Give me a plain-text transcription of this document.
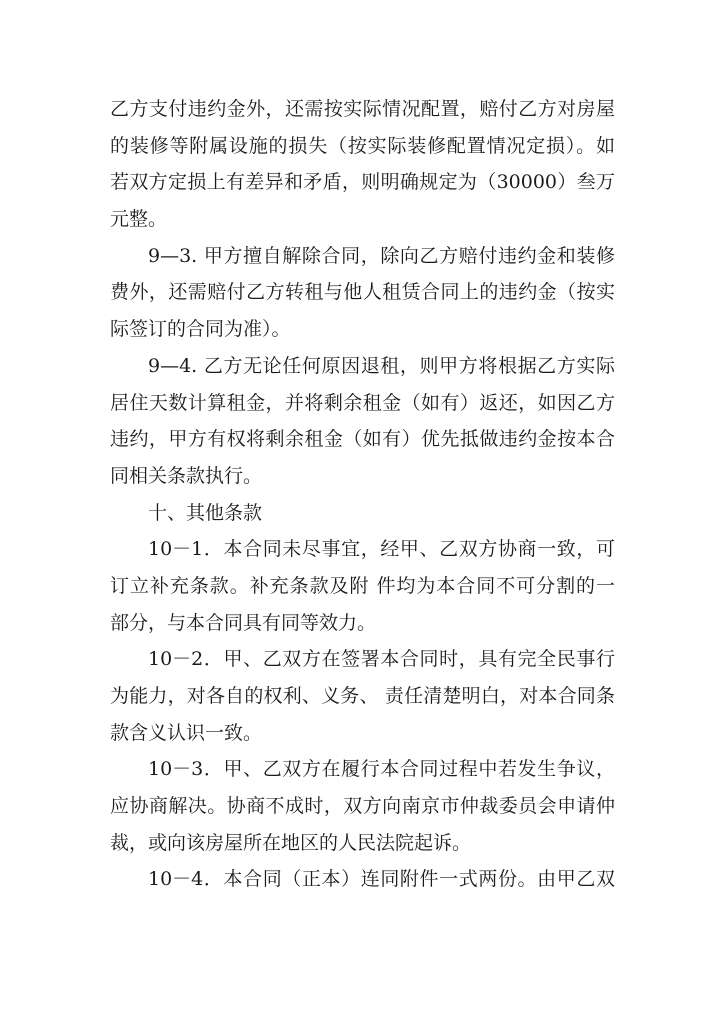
乙方支付违约金外，还需按实际情况配置，赔付乙方对房屋
的装修等附属设施的损失（按实际装修配置情况定损）。如
若双方定损上有差异和矛盾，则明确规定为（30000）叁万
元整。
9—3. 甲方擅自解除合同，除向乙方赔付违约金和装修
费外，还需赔付乙方转租与他人租赁合同上的违约金（按实
际签订的合同为准）。
9—4. 乙方无论任何原因退租，则甲方将根据乙方实际
居住天数计算租金，并将剩余租金（如有）返还，如因乙方
违约，甲方有权将剩余租金（如有）优先抵做违约金按本合
同相关条款执行。
十、其他条款
10－1．本合同未尽事宜，经甲、乙双方协商一致，可
订立补充条款。补充条款及附 件均为本合同不可分割的一
部分，与本合同具有同等效力。
10－2．甲、乙双方在签署本合同时，具有完全民事行
为能力，对各自的权利、义务、 责任清楚明白，对本合同条
款含义认识一致。
10－3．甲、乙双方在履行本合同过程中若发生争议，
应协商解决。协商不成时，双方向南京市仲裁委员会申请仲
裁，或向该房屋所在地区的人民法院起诉。
10－4．本合同（正本）连同附件一式两份。由甲乙双
